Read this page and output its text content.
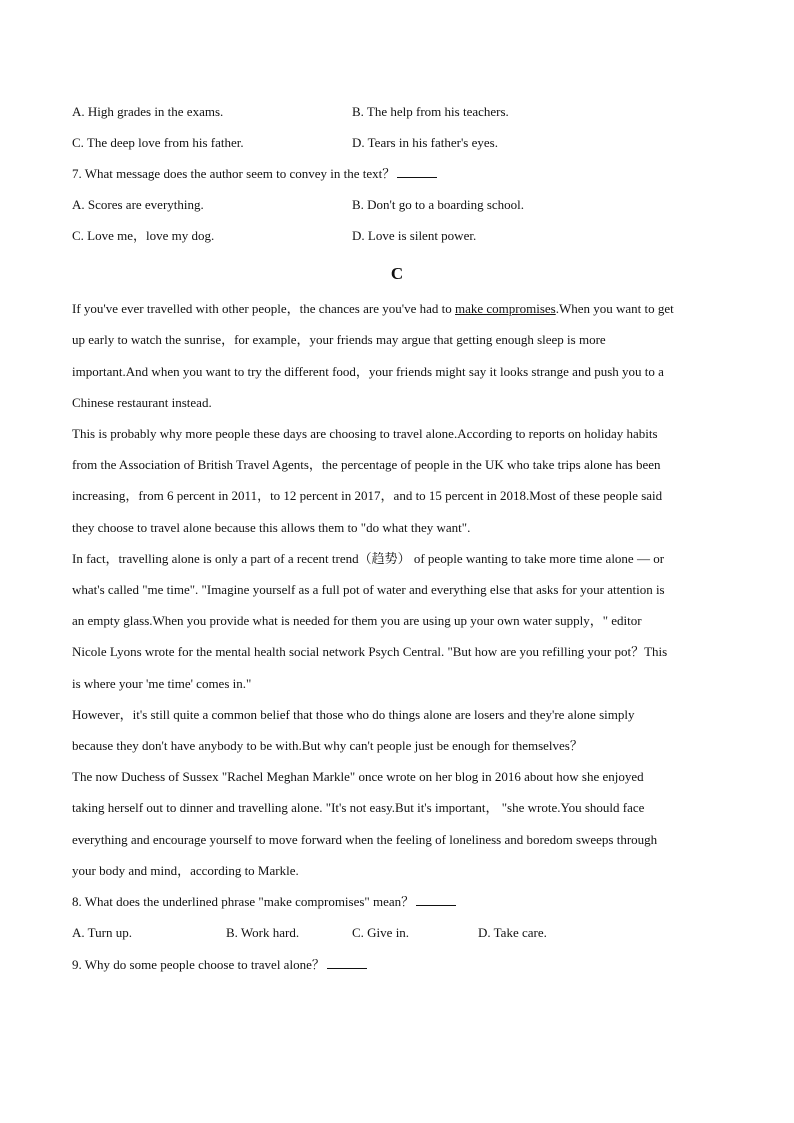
A. High grades in the exams.	B. The help from his teachers.
C. The deep love from his father.	D. Tears in his father's eyes.
7. What message does the author seem to convey in the text？
A. Scores are everything.	B. Don't go to a boarding school.
C. Love me，love my dog.	D. Love is silent power.
C
If you've ever travelled with other people，the chances are you've had to make compromises.When you want to get
up early to watch the sunrise，for example，your friends may argue that getting enough sleep is more
important.And when you want to try the different food，your friends might say it looks strange and push you to a
Chinese restaurant instead.
This is probably why more people these days are choosing to travel alone.According to reports on holiday habits
from the Association of British Travel Agents，the percentage of people in the UK who take trips alone has been
increasing，from 6 percent in 2011，to 12 percent in 2017，and to 15 percent in 2018.Most of these people said
they choose to travel alone because this allows them to "do what they want".
In fact，travelling alone is only a part of a recent trend（趋势） of people wanting to take more time alone — or
what's called "me time". "Imagine yourself as a full pot of water and everything else that asks for your attention is
an empty glass.When you provide what is needed for them you are using up your own water supply，" editor
Nicole Lyons wrote for the mental health social network Psych Central. "But how are you refilling your pot？This
is where your 'me time' comes in."
However，it's still quite a common belief that those who do things alone are losers and they're alone simply
because they don't have anybody to be with.But why can't people just be enough for themselves？
The now Duchess of Sussex "Rachel Meghan Markle" once wrote on her blog in 2016 about how she enjoyed
taking herself out to dinner and travelling alone. "It's not easy.But it's important， "she wrote.You should face
everything and encourage yourself to move forward when the feeling of loneliness and boredom sweeps through
your body and mind，according to Markle.
8. What does the underlined phrase "make compromises" mean？
A. Turn up.	B. Work hard.	C. Give in.	D. Take care.
9. Why do some people choose to travel alone？
